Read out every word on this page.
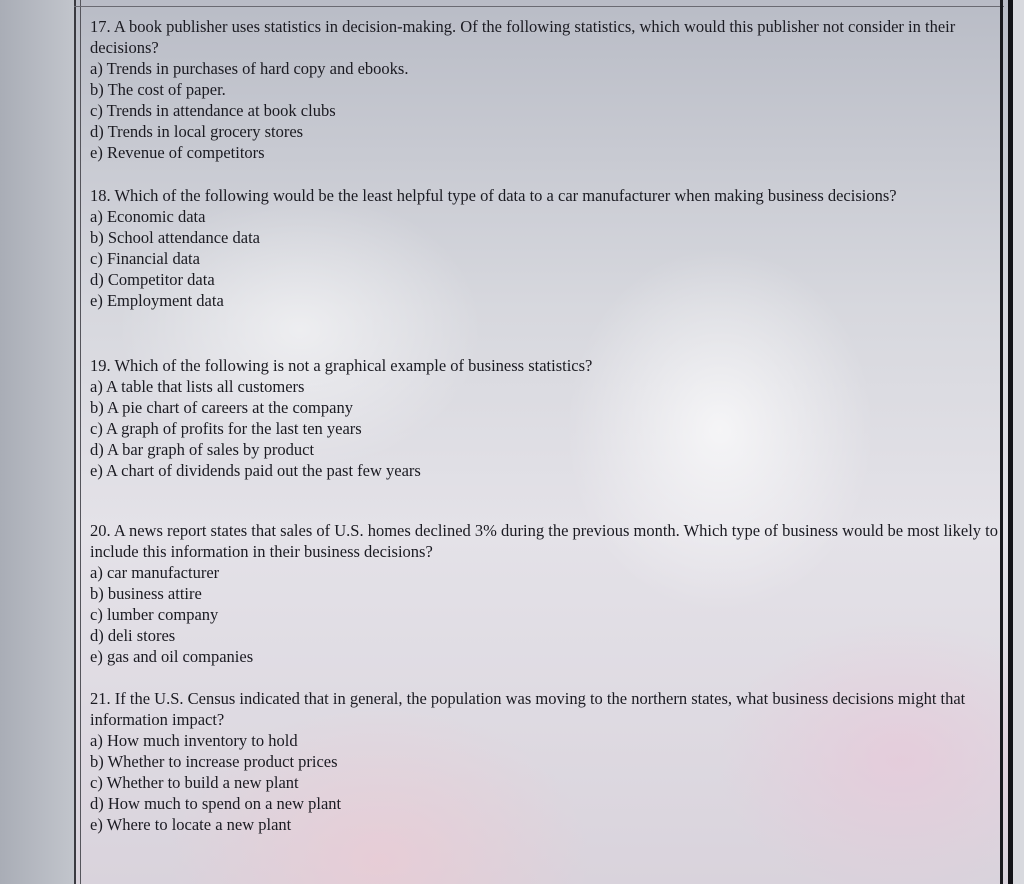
17. A book publisher uses statistics in decision-making. Of the following statistics, which would this publisher not consider in their decisions?

a) Trends in purchases of hard copy and ebooks.
b) The cost of paper.
c) Trends in attendance at book clubs
d) Trends in local grocery stores
e) Revenue of competitors

18. Which of the following would be the least helpful type of data to a car manufacturer when making business decisions?

a) Economic data
b) School attendance data
c) Financial data
d) Competitor data
e) Employment data

19. Which of the following is not a graphical example of business statistics?

a) A table that lists all customers
b) A pie chart of careers at the company
c) A graph of profits for the last ten years
d) A bar graph of sales by product
e) A chart of dividends paid out the past few years

20. A news report states that sales of U.S. homes declined 3% during the previous month. Which type of business would be most likely to include this information in their business decisions?

a) car manufacturer
b) business attire
c) lumber company
d) deli stores
e) gas and oil companies

21. If the U.S. Census indicated that in general, the population was moving to the northern states, what business decisions might that information impact?

a) How much inventory to hold
b) Whether to increase product prices
c) Whether to build a new plant
d) How much to spend on a new plant
e) Where to locate a new plant
